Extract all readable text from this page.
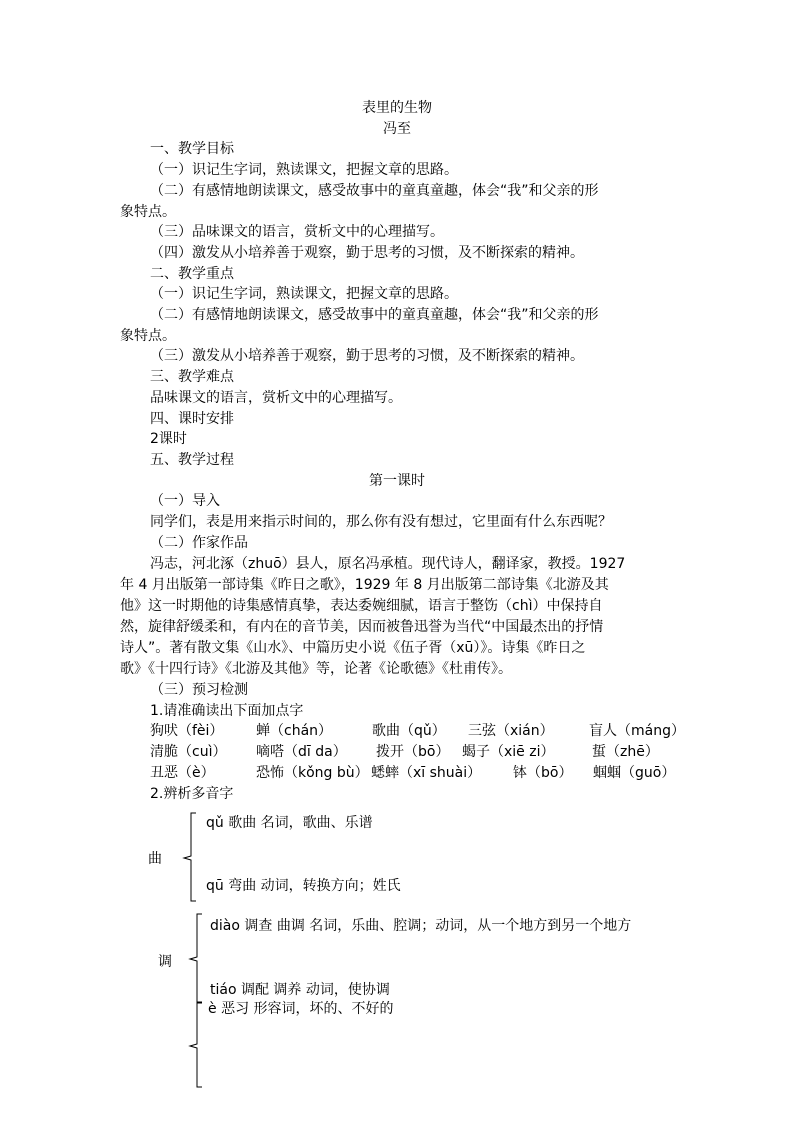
表里的生物
冯至
一、教学目标
（一）识记生字词，熟读课文，把握文章的思路。
（二）有感情地朗读课文，感受故事中的童真童趣，体会“我”和父亲的形
象特点。
（三）品味课文的语言，赏析文中的心理描写。
（四）激发从小培养善于观察，勤于思考的习惯，及不断探索的精神。
二、教学重点
（一）识记生字词，熟读课文，把握文章的思路。
（二）有感情地朗读课文，感受故事中的童真童趣，体会“我”和父亲的形
象特点。
（三）激发从小培养善于观察，勤于思考的习惯，及不断探索的精神。
三、教学难点
品味课文的语言，赏析文中的心理描写。
四、课时安排
2课时
五、教学过程
第一课时
（一）导入
同学们，表是用来指示时间的，那么你有没有想过，它里面有什么东西呢？
（二）作家作品
冯志，河北涿（zhuō）县人，原名冯承植。现代诗人，翻译家，教授。1927
年 4 月出版第一部诗集《昨日之歌》，1929 年 8 月出版第二部诗集《北游及其
他》这一时期他的诗集感情真挚，表达委婉细腻，语言于整饬（chì）中保持自
然，旋律舒缓柔和，有内在的音节美，因而被鲁迅誉为当代“中国最杰出的抒情
诗人”。著有散文集《山水》、中篇历史小说《伍子胥（xū）》。诗集《昨日之
歌》《十四行诗》《北游及其他》等，论著《论歌德》《杜甫传》。
（三）预习检测
1.请准确读出下面加点字
狗吠（fèi） 蝉（chán）	歌曲（qǔ） 三弦（xián）	盲人（máng）
清脆（cuì） 嘀嗒（dī da） 拨开（bō） 蝎子（xiē zi）	蜇（zhē）
丑恶（è）	恐怖（kǒng bù） 蟋蟀（xī shuài） 钵（bō） 蝈蝈（guō）
2.辨析多音字
曲
qǔ 歌曲 名词，歌曲、乐谱
qū 弯曲 动词，转换方向；姓氏
调
diào 调查 曲调 名词，乐曲、腔调；动词，从一个地方到另一个地方
tiáo 调配 调养 动词，使协调
è 恶习 形容词，坏的、不好的
